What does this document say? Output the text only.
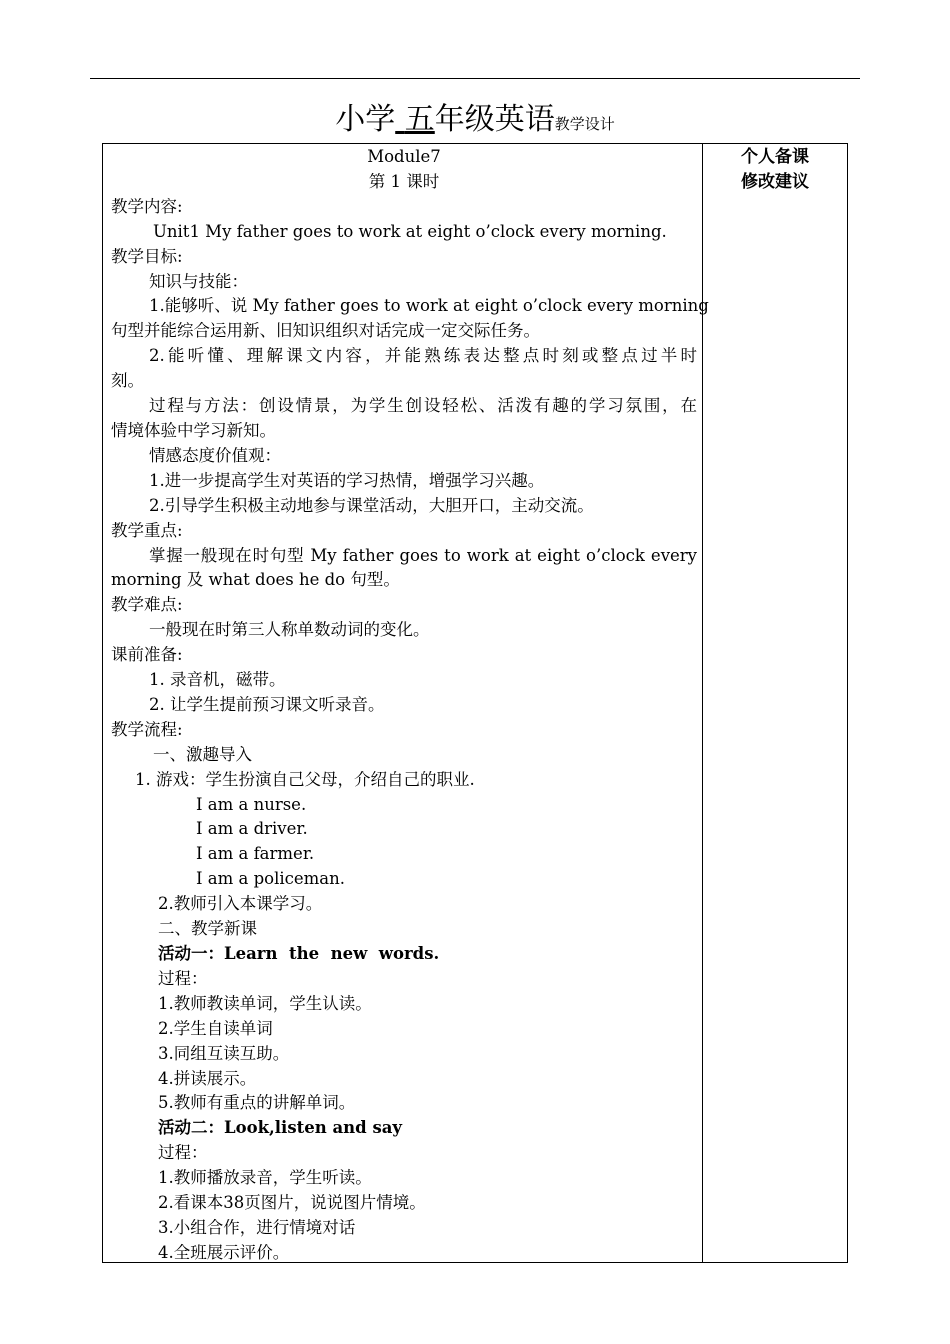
小学 五年级英语教学设计
Module7
第 1 课时
教学内容:
Unit1 My father goes to work at eight o’clock every morning.
教学目标:
知识与技能：
1.能够听、说 My father goes to work at eight o’clock every morning
句型并能综合运用新、旧知识组织对话完成一定交际任务。
2.能听懂、理解课文内容，并能熟练表达整点时刻或整点过半时
刻。
过程与方法：创设情景，为学生创设轻松、活泼有趣的学习氛围，在
情境体验中学习新知。
情感态度价值观：
1.进一步提高学生对英语的学习热情，增强学习兴趣。
2.引导学生积极主动地参与课堂活动，大胆开口，主动交流。
教学重点:
掌握一般现在时句型 My father goes to work at eight o’clock every
morning 及 what does he do 句型。
教学难点:
一般现在时第三人称单数动词的变化。
课前准备:
1. 录音机，磁带。
2. 让学生提前预习课文听录音。
教学流程:
一、激趣导入
1. 游戏：学生扮演自己父母，介绍自己的职业.
I am a nurse.
I am a driver.
I am a farmer.
I am a policeman.
2.教师引入本课学习。
二、教学新课
活动一：Learn  the  new  words.
过程：
1.教师教读单词，学生认读。
2.学生自读单词
3.同组互读互助。
4.拼读展示。
5.教师有重点的讲解单词。
活动二：Look,listen and say
过程：
1.教师播放录音，学生听读。
2.看课本38页图片，说说图片情境。
3.小组合作，进行情境对话
4.全班展示评价。
个人备课
修改建议
